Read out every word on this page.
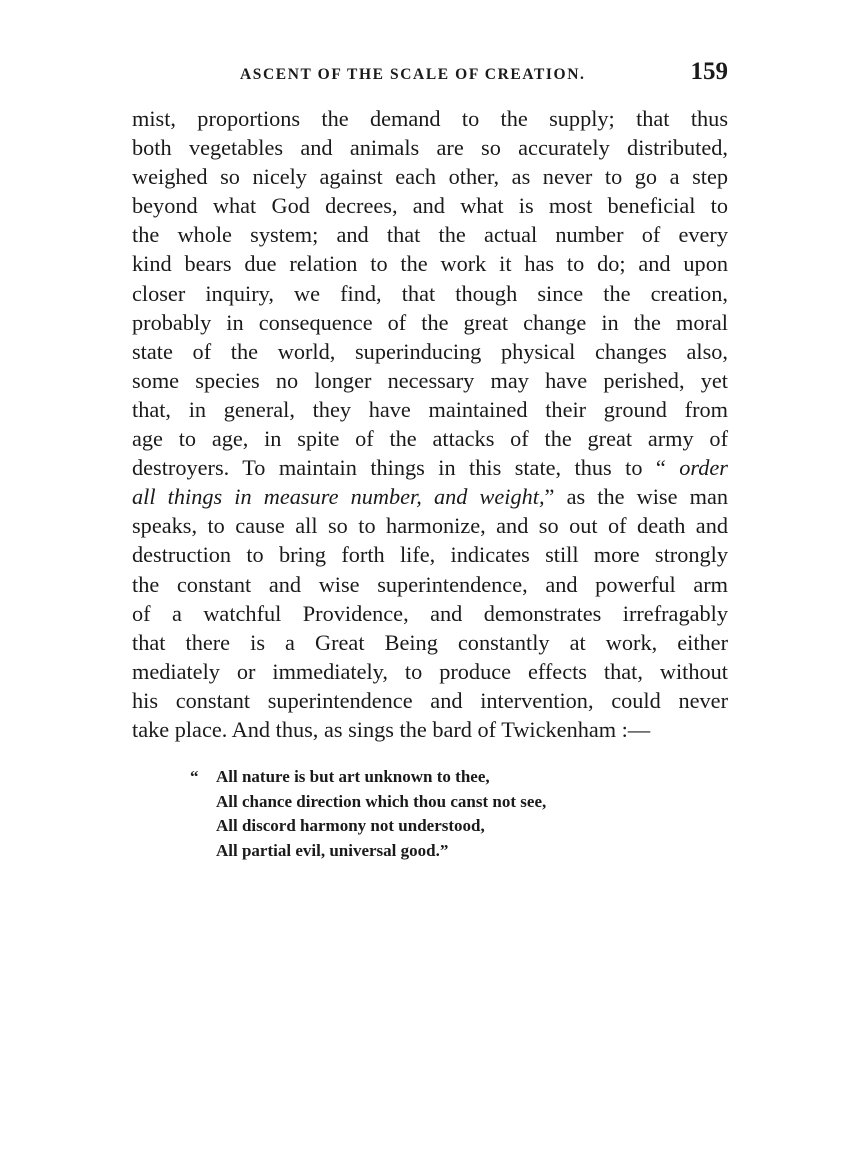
ASCENT OF THE SCALE OF CREATION.	159
mist, proportions the demand to the supply; that thus
both vegetables and animals are so accurately distributed,
weighed so nicely against each other, as never to go a step
beyond what God decrees, and what is most beneficial to
the whole system; and that the actual number of every
kind bears due relation to the work it has to do; and upon
closer inquiry, we find, that though since the creation,
probably in consequence of the great change in the moral
state of the world, superinducing physical changes also,
some species no longer necessary may have perished, yet
that, in general, they have maintained their ground from
age to age, in spite of the attacks of the great army of
destroyers. To maintain things in this state, thus to “ order
all things in measure number, and weight,” as the wise man
speaks, to cause all so to harmonize, and so out of death and
destruction to bring forth life, indicates still more strongly
the constant and wise superintendence, and powerful arm
of a watchful Providence, and demonstrates irrefragably
that there is a Great Being constantly at work, either
mediately or immediately, to produce effects that, without
his constant superintendence and intervention, could never
take place. And thus, as sings the bard of Twickenham :—
“ All nature is but art unknown to thee,
All chance direction which thou canst not see,
All discord harmony not understood,
All partial evil, universal good.”
